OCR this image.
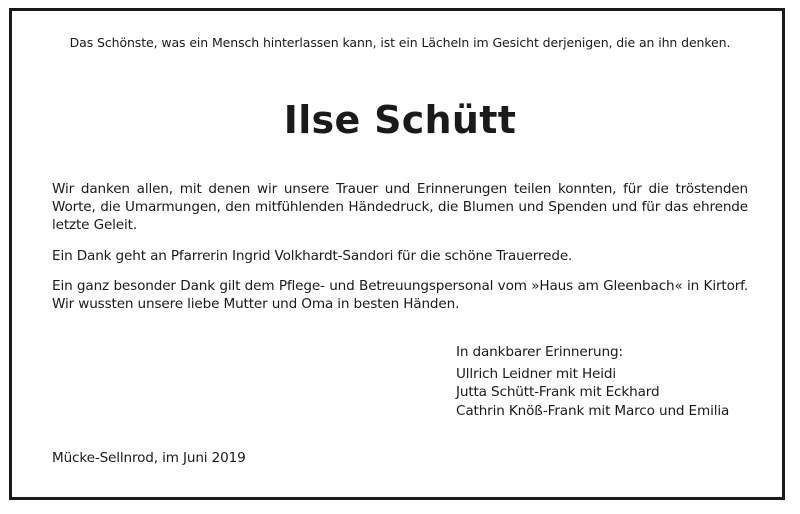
Das Schönste, was ein Mensch hinterlassen kann, ist ein Lächeln im Gesicht derjenigen, die an ihn denken.
Ilse Schütt

Wir danken allen, mit denen wir unsere Trauer und Erinnerungen teilen konnten, für die tröstenden Worte, die Umarmungen, den mitfühlenden Händedruck, die Blumen und Spenden und für das ehrende letzte Geleit.

Ein Dank geht an Pfarrerin Ingrid Volkhardt-Sandori für die schöne Trauerrede.

Ein ganz besonder Dank gilt dem Pflege- und Betreuungspersonal vom »Haus am Gleenbach« in Kirtorf. Wir wussten unsere liebe Mutter und Oma in besten Händen.

In dankbarer Erinnerung:
Ullrich Leidner mit Heidi
Jutta Schütt-Frank mit Eckhard
Cathrin Knöß-Frank mit Marco und Emilia
Mücke-Sellnrod, im Juni 2019
